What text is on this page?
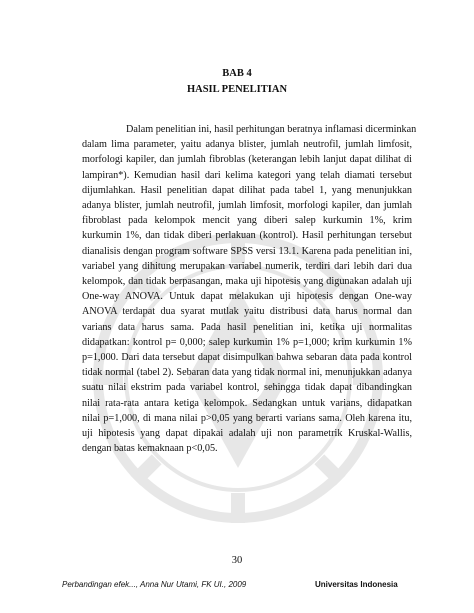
BAB 4
HASIL PENELITIAN
Dalam penelitian ini, hasil perhitungan beratnya inflamasi dicerminkan
dalam lima parameter, yaitu adanya blister, jumlah neutrofil, jumlah limfosit,
morfologi kapiler, dan jumlah fibroblas (keterangan lebih lanjut dapat dilihat di
lampiran*). Kemudian hasil dari kelima kategori yang telah diamati tersebut
dijumlahkan. Hasil penelitian dapat dilihat pada tabel 1, yang menunjukkan
adanya blister, jumlah neutrofil, jumlah limfosit, morfologi kapiler, dan jumlah
fibroblast pada kelompok mencit yang diberi salep kurkumin 1%, krim
kurkumin 1%, dan tidak diberi perlakuan (kontrol). Hasil perhitungan tersebut
dianalisis dengan program software SPSS versi 13.1. Karena pada penelitian ini,
variabel yang dihitung merupakan variabel numerik, terdiri dari lebih dari dua
kelompok, dan tidak berpasangan, maka uji hipotesis yang digunakan adalah uji
One-way ANOVA. Untuk dapat melakukan uji hipotesis dengan One-way
ANOVA terdapat dua syarat mutlak yaitu distribusi data harus normal dan
varians data harus sama. Pada hasil penelitian ini, ketika uji normalitas
didapatkan: kontrol p= 0,000; salep kurkumin 1% p=1,000; krim kurkumin 1%
p=1,000. Dari data tersebut dapat disimpulkan bahwa sebaran data pada kontrol
tidak normal (tabel 2). Sebaran data yang tidak normal ini, menunjukkan adanya
suatu nilai ekstrim pada variabel kontrol, sehingga tidak dapat dibandingkan
nilai rata-rata antara ketiga kelompok. Sedangkan untuk varians, didapatkan
nilai p=1,000, di mana nilai p>0,05 yang berarti varians sama. Oleh karena itu,
uji hipotesis yang dapat dipakai adalah uji non parametrik Kruskal-Wallis,
dengan batas kemaknaan p<0,05.
30
Perbandingan efek..., Anna Nur Utami, FK UI., 2009	Universitas Indonesia
